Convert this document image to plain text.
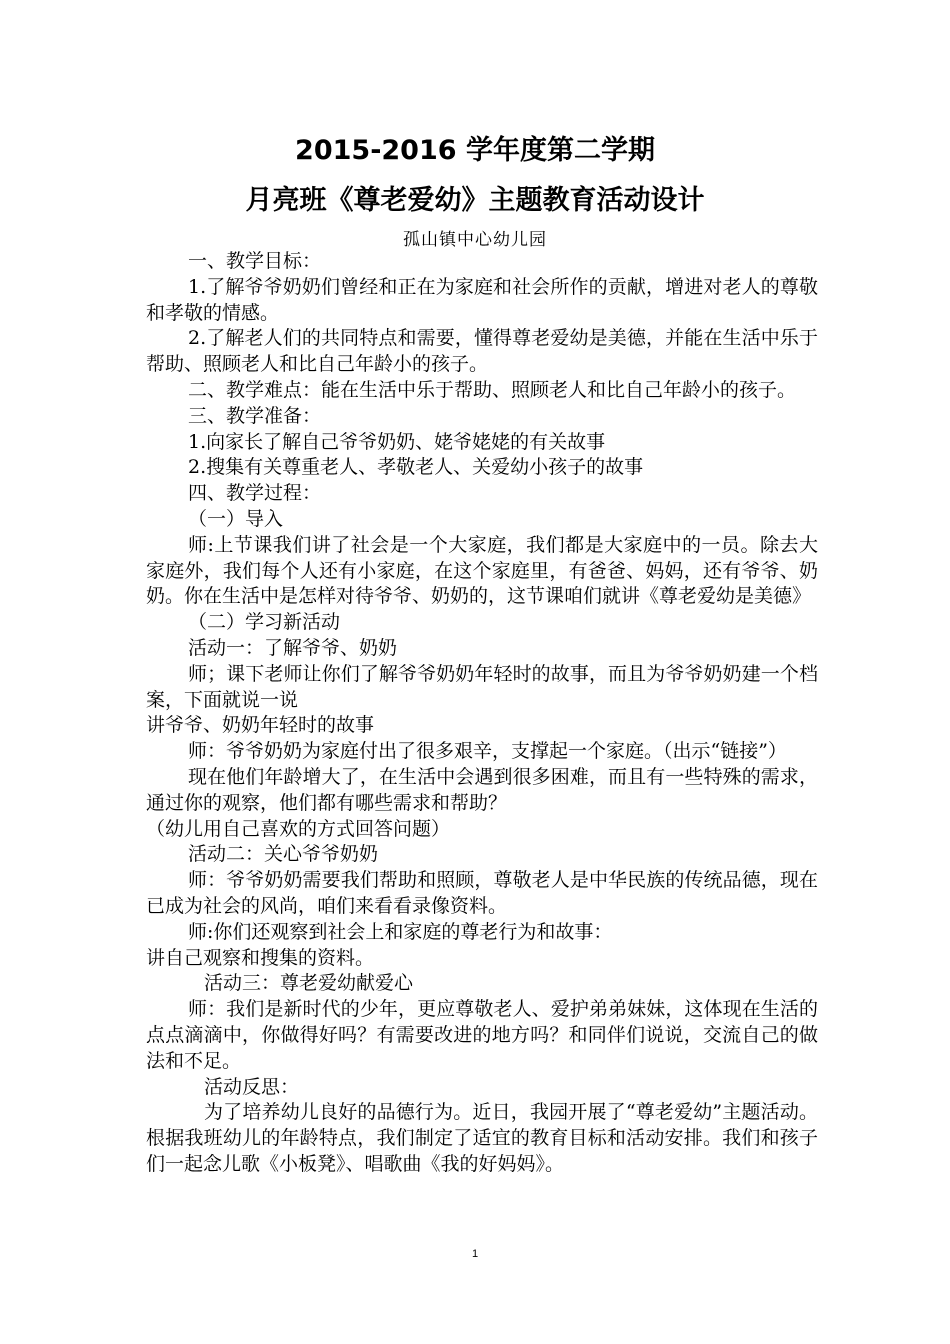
2015-2016 学年度第二学期
月亮班《尊老爱幼》主题教育活动设计
孤山镇中心幼儿园

一、教学目标：

1.了解爷爷奶奶们曾经和正在为家庭和社会所作的贡献，增进对老人的尊敬和孝敬的情感。

2.了解老人们的共同特点和需要，懂得尊老爱幼是美德，并能在生活中乐于帮助、照顾老人和比自己年龄小的孩子。

二、教学难点：能在生活中乐于帮助、照顾老人和比自己年龄小的孩子。

三、教学准备：

1.向家长了解自己爷爷奶奶、姥爷姥姥的有关故事

2.搜集有关尊重老人、孝敬老人、关爱幼小孩子的故事

四、教学过程：

（一）导入

师:上节课我们讲了社会是一个大家庭，我们都是大家庭中的一员。除去大家庭外，我们每个人还有小家庭，在这个家庭里，有爸爸、妈妈，还有爷爷、奶奶。你在生活中是怎样对待爷爷、奶奶的，这节课咱们就讲《尊老爱幼是美德》

（二）学习新活动

活动一：了解爷爷、奶奶

师；课下老师让你们了解爷爷奶奶年轻时的故事，而且为爷爷奶奶建一个档案，下面就说一说

讲爷爷、奶奶年轻时的故事

师：爷爷奶奶为家庭付出了很多艰辛，支撑起一个家庭。（出示“链接”）

现在他们年龄增大了，在生活中会遇到很多困难，而且有一些特殊的需求，通过你的观察，他们都有哪些需求和帮助？

（幼儿用自己喜欢的方式回答问题）

活动二：关心爷爷奶奶

师：爷爷奶奶需要我们帮助和照顾，尊敬老人是中华民族的传统品德，现在已成为社会的风尚，咱们来看看录像资料。

师:你们还观察到社会上和家庭的尊老行为和故事：

讲自己观察和搜集的资料。

活动三：尊老爱幼献爱心

师：我们是新时代的少年，更应尊敬老人、爱护弟弟妹妹，这体现在生活的点点滴滴中，你做得好吗？有需要改进的地方吗？和同伴们说说，交流自己的做法和不足。

活动反思：

为了培养幼儿良好的品德行为。近日，我园开展了“尊老爱幼”主题活动。根据我班幼儿的年龄特点，我们制定了适宜的教育目标和活动安排。我们和孩子们一起念儿歌《小板凳》、唱歌曲《我的好妈妈》。

1
